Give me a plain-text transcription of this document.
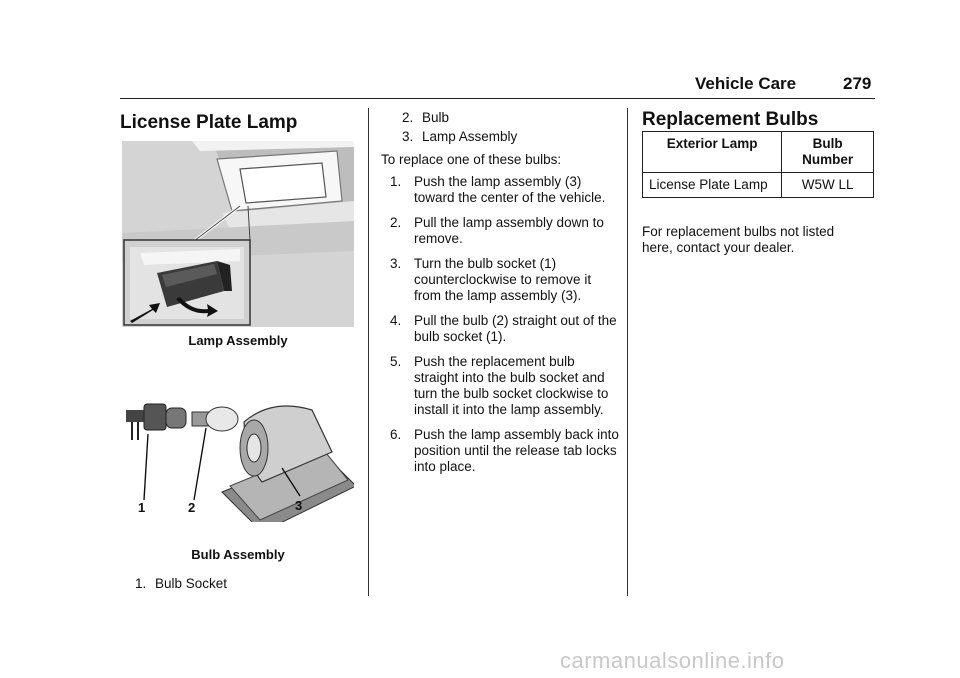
Vehicle Care	279
License Plate Lamp
Lamp Assembly
1	2	3
Bulb Assembly
1. Bulb Socket
2. Bulb
3. Lamp Assembly
To replace one of these bulbs:
1. Push the lamp assembly (3) toward the center of the vehicle.
2. Pull the lamp assembly down to remove.
3. Turn the bulb socket (1) counterclockwise to remove it from the lamp assembly (3).
4. Pull the bulb (2) straight out of the bulb socket (1).
5. Push the replacement bulb straight into the bulb socket and turn the bulb socket clockwise to install it into the lamp assembly.
6. Push the lamp assembly back into position until the release tab locks into place.
Replacement Bulbs
Exterior Lamp	Bulb Number
License Plate Lamp	W5W LL
For replacement bulbs not listed here, contact your dealer.
carmanualsonline.info
